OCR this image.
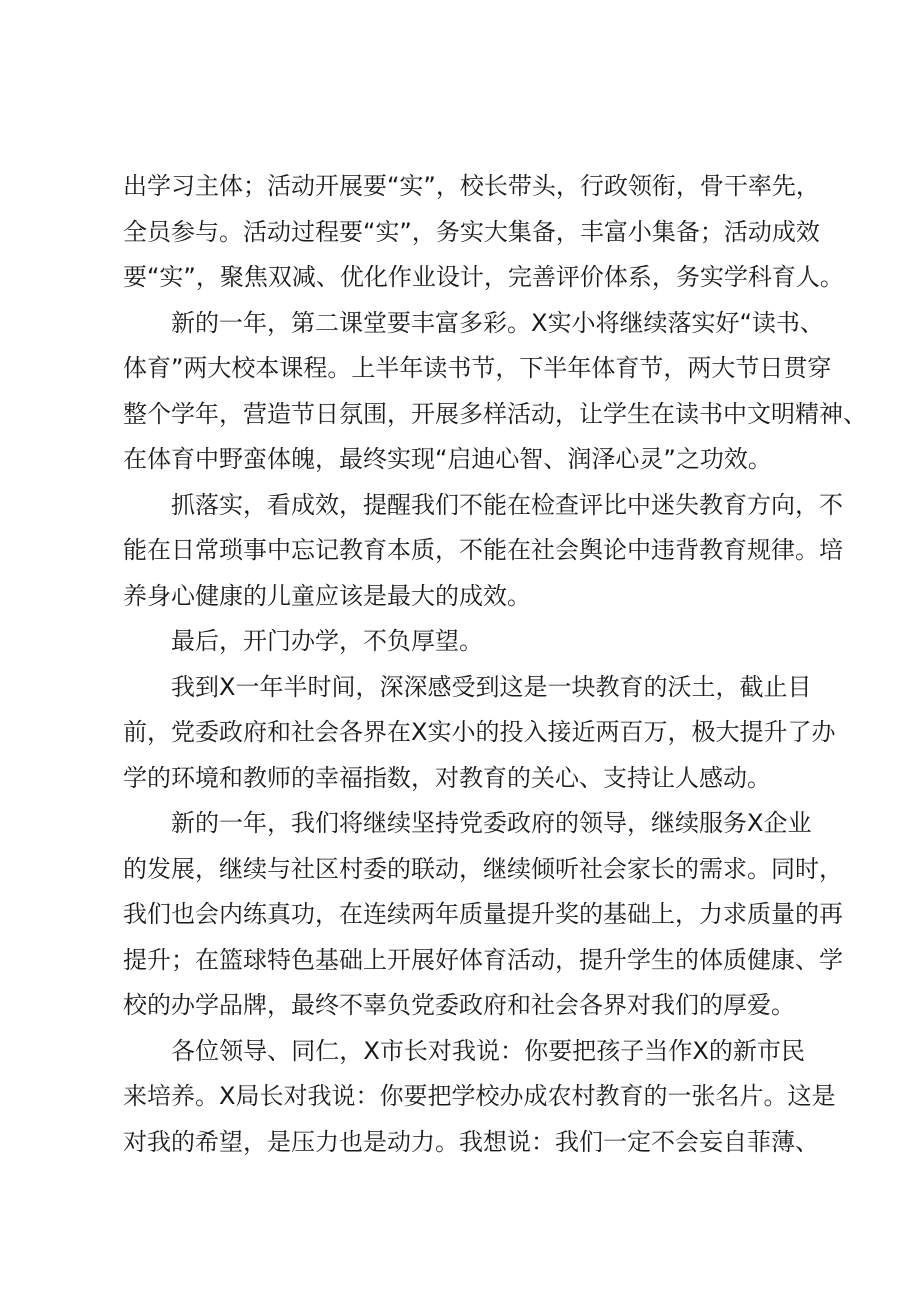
出学习主体；活动开展要“实”，校长带头，行政领衔，骨干率先，
全员参与。活动过程要“实”，务实大集备，丰富小集备；活动成效
要“实”，聚焦双减、优化作业设计，完善评价体系，务实学科育人。
新的一年，第二课堂要丰富多彩。X实小将继续落实好“读书、
体育”两大校本课程。上半年读书节，下半年体育节，两大节日贯穿
整个学年，营造节日氛围，开展多样活动，让学生在读书中文明精神、
在体育中野蛮体魄，最终实现“启迪心智、润泽心灵”之功效。
抓落实，看成效，提醒我们不能在检查评比中迷失教育方向，不
能在日常琐事中忘记教育本质，不能在社会舆论中违背教育规律。培
养身心健康的儿童应该是最大的成效。
最后，开门办学，不负厚望。
我到X一年半时间，深深感受到这是一块教育的沃土，截止目
前，党委政府和社会各界在X实小的投入接近两百万，极大提升了办
学的环境和教师的幸福指数，对教育的关心、支持让人感动。
新的一年，我们将继续坚持党委政府的领导，继续服务X企业
的发展，继续与社区村委的联动，继续倾听社会家长的需求。同时，
我们也会内练真功，在连续两年质量提升奖的基础上，力求质量的再
提升；在篮球特色基础上开展好体育活动，提升学生的体质健康、学
校的办学品牌，最终不辜负党委政府和社会各界对我们的厚爱。
各位领导、同仁，X市长对我说：你要把孩子当作X的新市民
来培养。X局长对我说：你要把学校办成农村教育的一张名片。这是
对我的希望，是压力也是动力。我想说：我们一定不会妄自菲薄、
